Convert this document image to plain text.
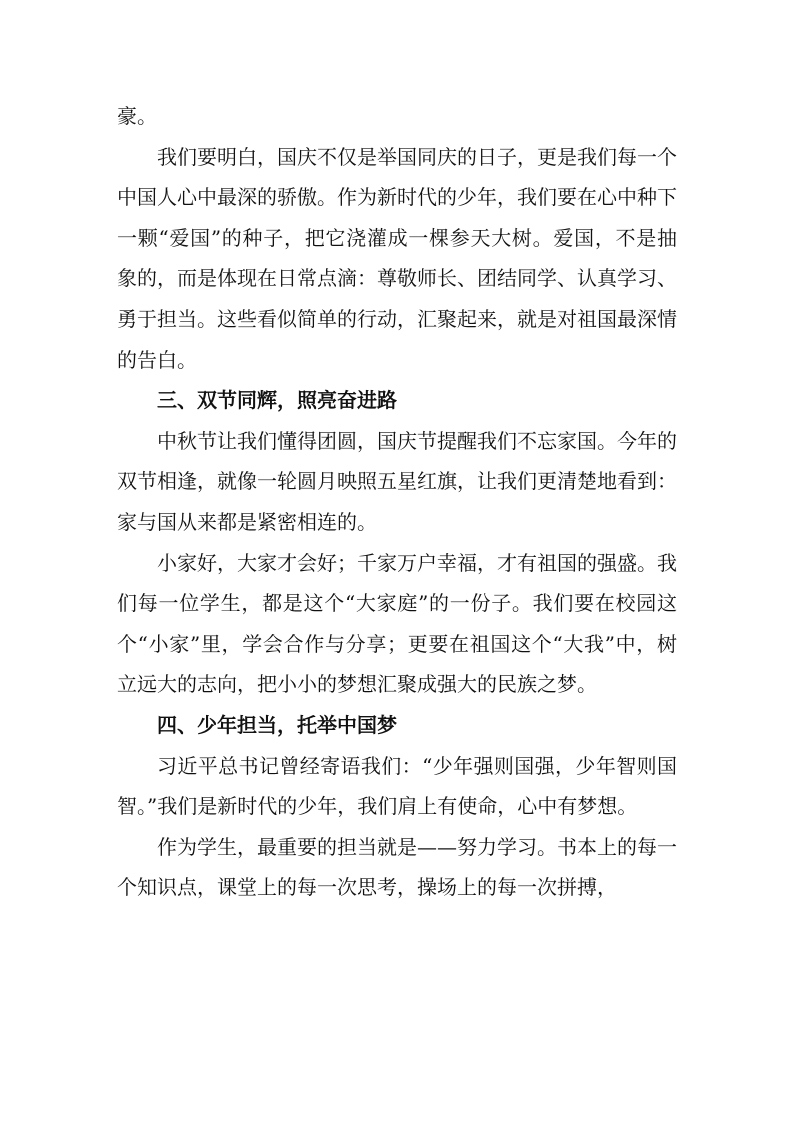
豪。

我们要明白，国庆不仅是举国同庆的日子，更是我们每一个中国人心中最深的骄傲。作为新时代的少年，我们要在心中种下一颗“爱国”的种子，把它浇灌成一棵参天大树。爱国，不是抽象的，而是体现在日常点滴：尊敬师长、团结同学、认真学习、勇于担当。这些看似简单的行动，汇聚起来，就是对祖国最深情的告白。

三、双节同辉，照亮奋进路

中秋节让我们懂得团圆，国庆节提醒我们不忘家国。今年的双节相逢，就像一轮圆月映照五星红旗，让我们更清楚地看到：家与国从来都是紧密相连的。

小家好，大家才会好；千家万户幸福，才有祖国的强盛。我们每一位学生，都是这个“大家庭”的一份子。我们要在校园这个“小家”里，学会合作与分享；更要在祖国这个“大我”中，树立远大的志向，把小小的梦想汇聚成强大的民族之梦。

四、少年担当，托举中国梦

习近平总书记曾经寄语我们：“少年强则国强，少年智则国智。”我们是新时代的少年，我们肩上有使命，心中有梦想。

作为学生，最重要的担当就是——努力学习。书本上的每一个知识点，课堂上的每一次思考，操场上的每一次拼搏，
